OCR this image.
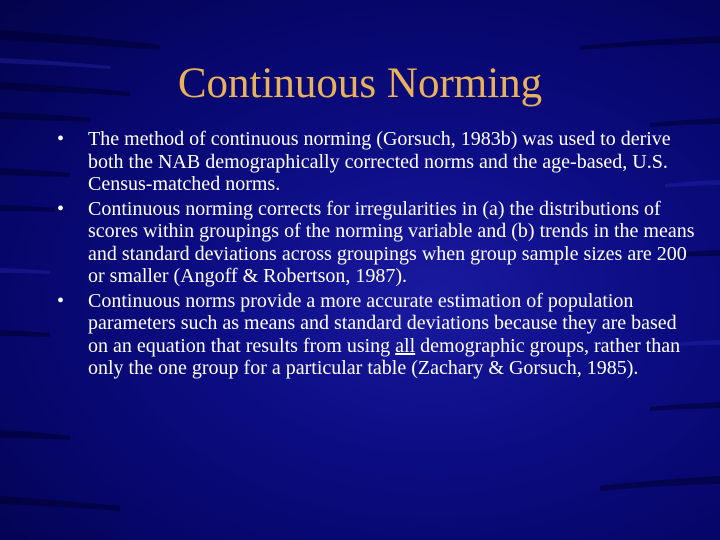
Continuous Norming
•	The method of continuous norming (Gorsuch, 1983b) was used to derive both the NAB demographically corrected norms and the age-based, U.S. Census-matched norms.
•	Continuous norming corrects for irregularities in (a) the distributions of scores within groupings of the norming variable and (b) trends in the means and standard deviations across groupings when group sample sizes are 200 or smaller (Angoff & Robertson, 1987).
•	Continuous norms provide a more accurate estimation of population parameters such as means and standard deviations because they are based on an equation that results from using all demographic groups, rather than only the one group for a particular table (Zachary & Gorsuch, 1985).
